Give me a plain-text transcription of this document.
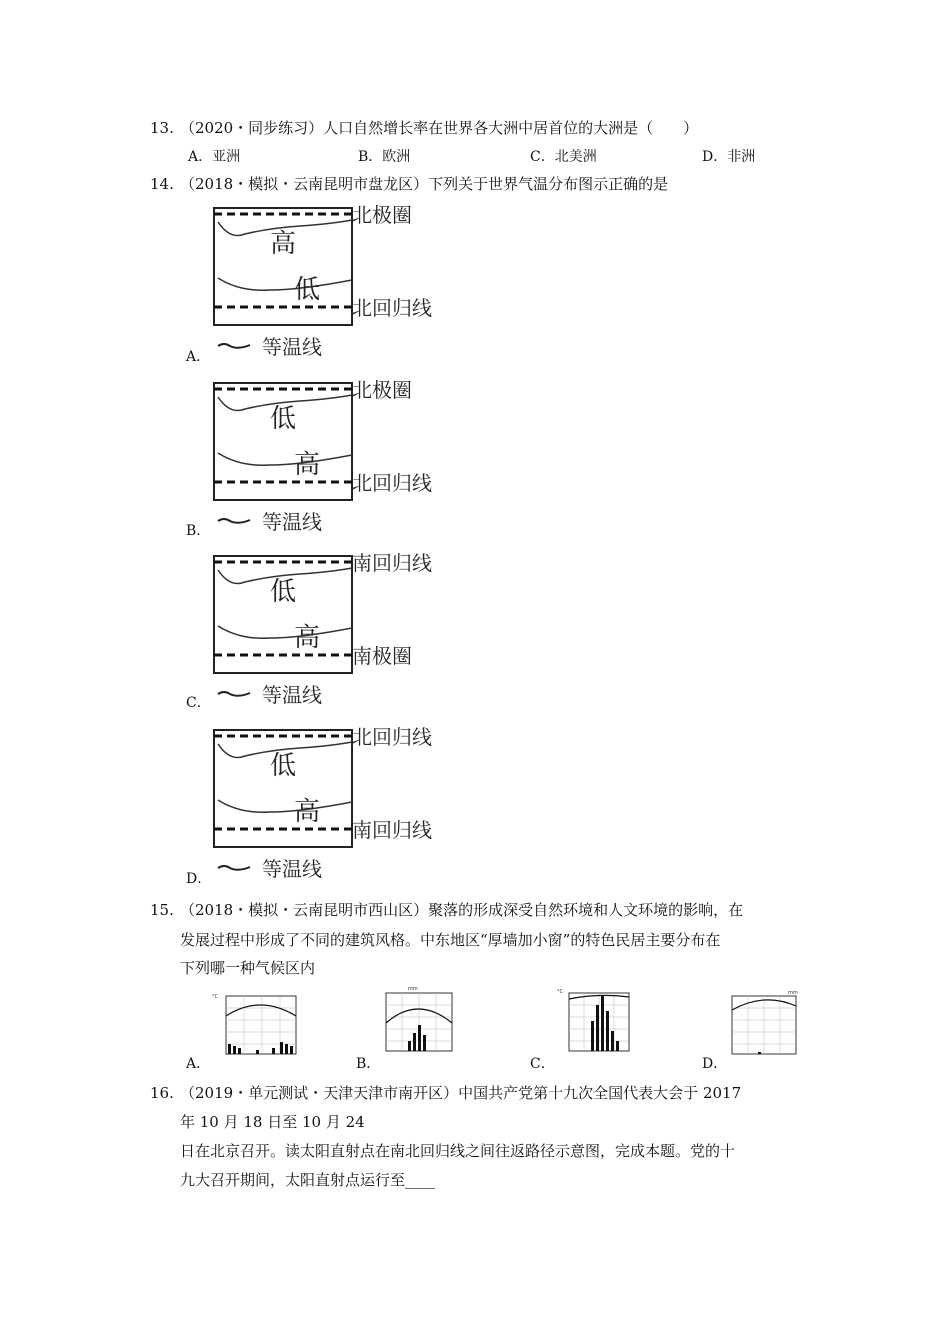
13. （2020・同步练习）人口自然增长率在世界各大洲中居首位的大洲是（　　）
A．亚洲	B．欧洲	C．北美洲	D．非洲
14. （2018・模拟・云南昆明市盘龙区）下列关于世界气温分布图示正确的是
A．
高
低
北极圈
北回归线
等温线
B．
低
高
北极圈
北回归线
等温线
C．
低
高
南回归线
南极圈
等温线
D．
低
高
北回归线
南回归线
等温线
15. （2018・模拟・云南昆明市西山区）聚落的形成深受自然环境和人文环境的影响，在
发展过程中形成了不同的建筑风格。中东地区“厚墙加小窗”的特色民居主要分布在
下列哪一种气候区内
A．	B．	C．	D．
°C
mm	°C	mm
16. （2019・单元测试・天津天津市南开区）中国共产党第十九次全国代表大会于 2017
年 10 月 18 日至 10 月 24
日在北京召开。读太阳直射点在南北回归线之间往返路径示意图，完成本题。党的十
九大召开期间，太阳直射点运行至____
